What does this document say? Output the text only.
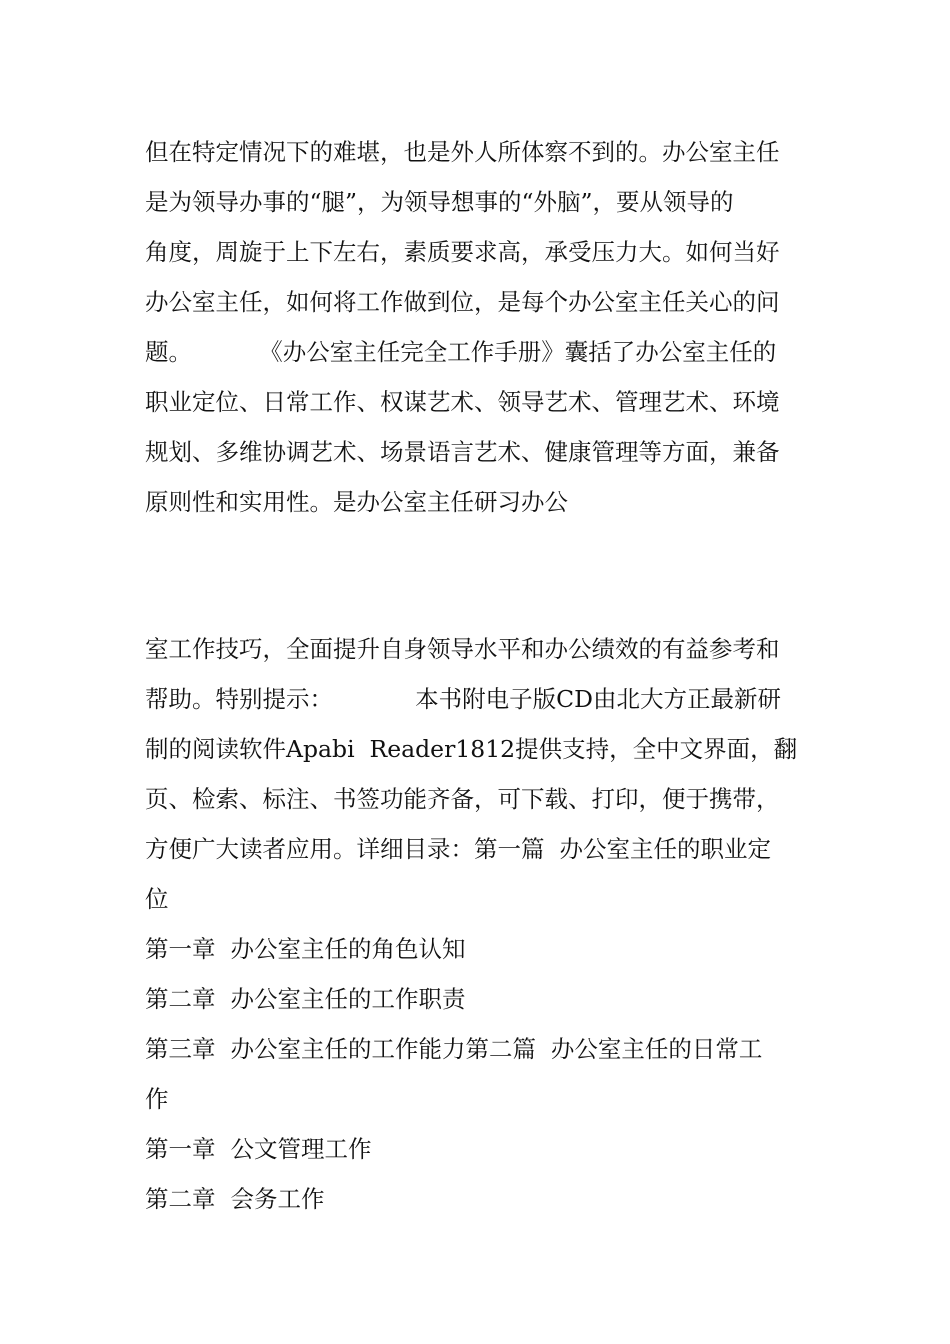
但在特定情况下的难堪，也是外人所体察不到的。办公室主任
是为领导办事的“腿”，为领导想事的“外脑”，要从领导的
角度，周旋于上下左右，素质要求高，承受压力大。如何当好
办公室主任，如何将工作做到位，是每个办公室主任关心的问
题。         《办公室主任完全工作手册》囊括了办公室主任的
职业定位、日常工作、权谋艺术、领导艺术、管理艺术、环境
规划、多维协调艺术、场景语言艺术、健康管理等方面，兼备
原则性和实用性。是办公室主任研习办公
室工作技巧，全面提升自身领导水平和办公绩效的有益参考和
帮助。特别提示：           本书附电子版CD由北大方正最新研
制的阅读软件Apabi  Reader1812提供支持，全中文界面，翻
页、检索、标注、书签功能齐备，可下载、打印，便于携带，
方便广大读者应用。详细目录：第一篇  办公室主任的职业定
位
第一章  办公室主任的角色认知
第二章  办公室主任的工作职责
第三章  办公室主任的工作能力第二篇  办公室主任的日常工
作
第一章  公文管理工作
第二章  会务工作
